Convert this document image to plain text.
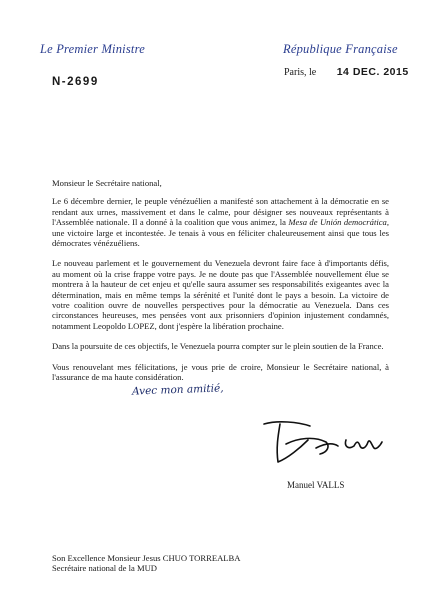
Le Premier Ministre	République Française
Paris, le 14 DEC. 2015
N-2699

Monsieur le Secrétaire national,

Le 6 décembre dernier, le peuple vénézuélien a manifesté son attachement à la démocratie en se rendant aux urnes, massivement et dans le calme, pour désigner ses nouveaux représentants à l'Assemblée nationale. Il a donné à la coalition que vous animez, la Mesa de Unión democrática, une victoire large et incontestée. Je tenais à vous en féliciter chaleureusement ainsi que tous les démocrates vénézuéliens.

Le nouveau parlement et le gouvernement du Venezuela devront faire face à d'importants défis, au moment où la crise frappe votre pays. Je ne doute pas que l'Assemblée nouvellement élue se montrera à la hauteur de cet enjeu et qu'elle saura assumer ses responsabilités exigeantes avec la détermination, mais en même temps la sérénité et l'unité dont le pays a besoin. La victoire de votre coalition ouvre de nouvelles perspectives pour la démocratie au Venezuela. Dans ces circonstances heureuses, mes pensées vont aux prisonniers d'opinion injustement condamnés, notamment Leopoldo LOPEZ, dont j'espère la libération prochaine.

Dans la poursuite de ces objectifs, le Venezuela pourra compter sur le plein soutien de la France.

Vous renouvelant mes félicitations, je vous prie de croire, Monsieur le Secrétaire national, à l'assurance de ma haute considération.

Avec mon amitié,
Manuel VALLS
Son Excellence Monsieur Jesus CHUO TORREALBA
Secrétaire national de la MUD
